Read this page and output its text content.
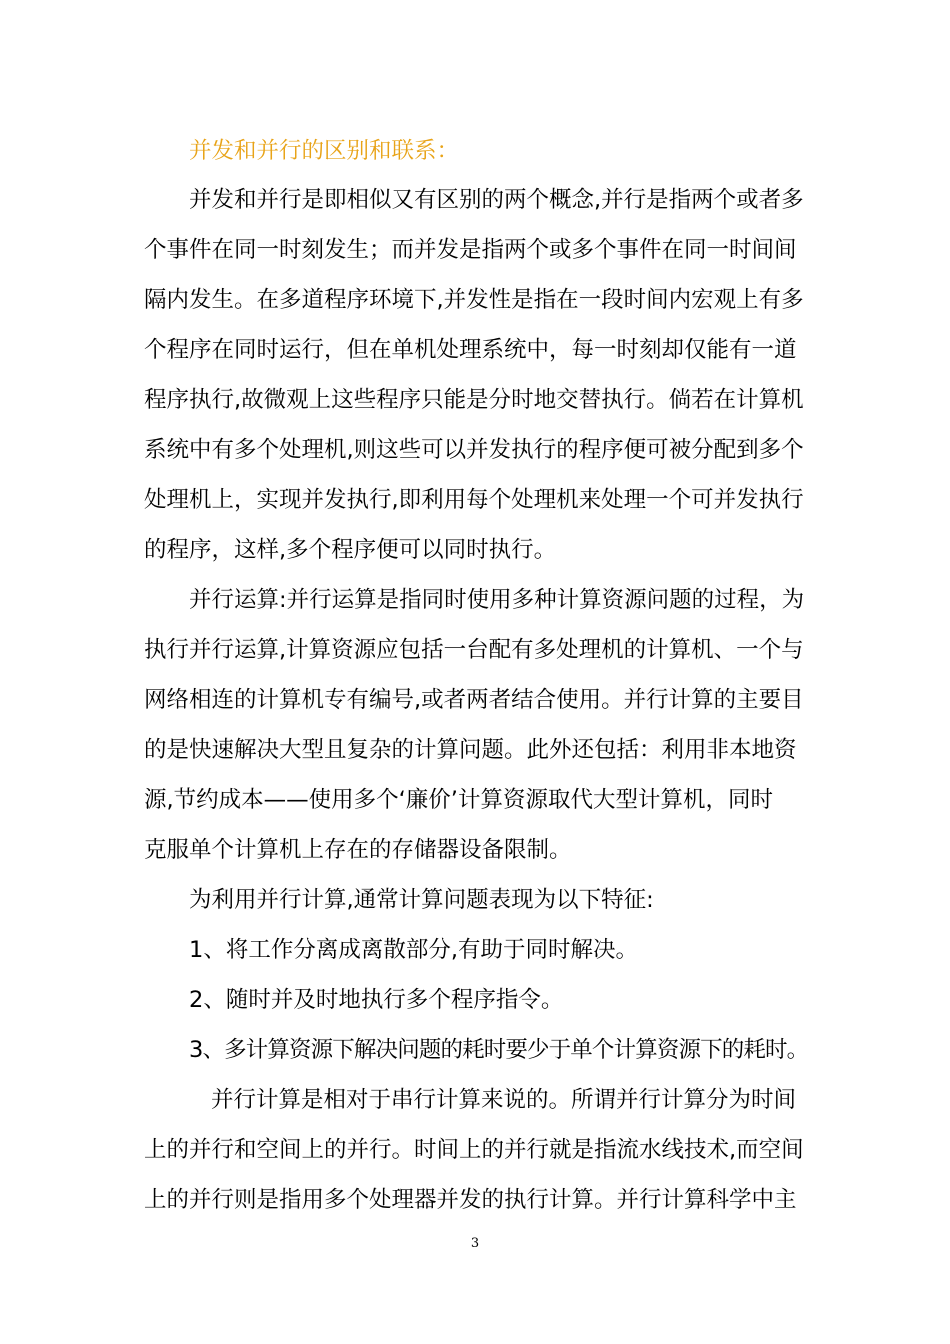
并发和并行的区别和联系：
并发和并行是即相似又有区别的两个概念,并行是指两个或者多
个事件在同一时刻发生；而并发是指两个或多个事件在同一时间间
隔内发生。在多道程序环境下,并发性是指在一段时间内宏观上有多
个程序在同时运行，但在单机处理系统中，每一时刻却仅能有一道
程序执行,故微观上这些程序只能是分时地交替执行。倘若在计算机
系统中有多个处理机,则这些可以并发执行的程序便可被分配到多个
处理机上，实现并发执行,即利用每个处理机来处理一个可并发执行
的程序，这样,多个程序便可以同时执行。
并行运算:并行运算是指同时使用多种计算资源问题的过程，为
执行并行运算,计算资源应包括一台配有多处理机的计算机、一个与
网络相连的计算机专有编号,或者两者结合使用。并行计算的主要目
的是快速解决大型且复杂的计算问题。此外还包括：利用非本地资
源,节约成本——使用多个‘廉价’计算资源取代大型计算机，同时
克服单个计算机上存在的存储器设备限制。
为利用并行计算,通常计算问题表现为以下特征:
1、将工作分离成离散部分,有助于同时解决。
2、随时并及时地执行多个程序指令。
3、多计算资源下解决问题的耗时要少于单个计算资源下的耗时。
并行计算是相对于串行计算来说的。所谓并行计算分为时间
上的并行和空间上的并行。时间上的并行就是指流水线技术,而空间
上的并行则是指用多个处理器并发的执行计算。并行计算科学中主
3
